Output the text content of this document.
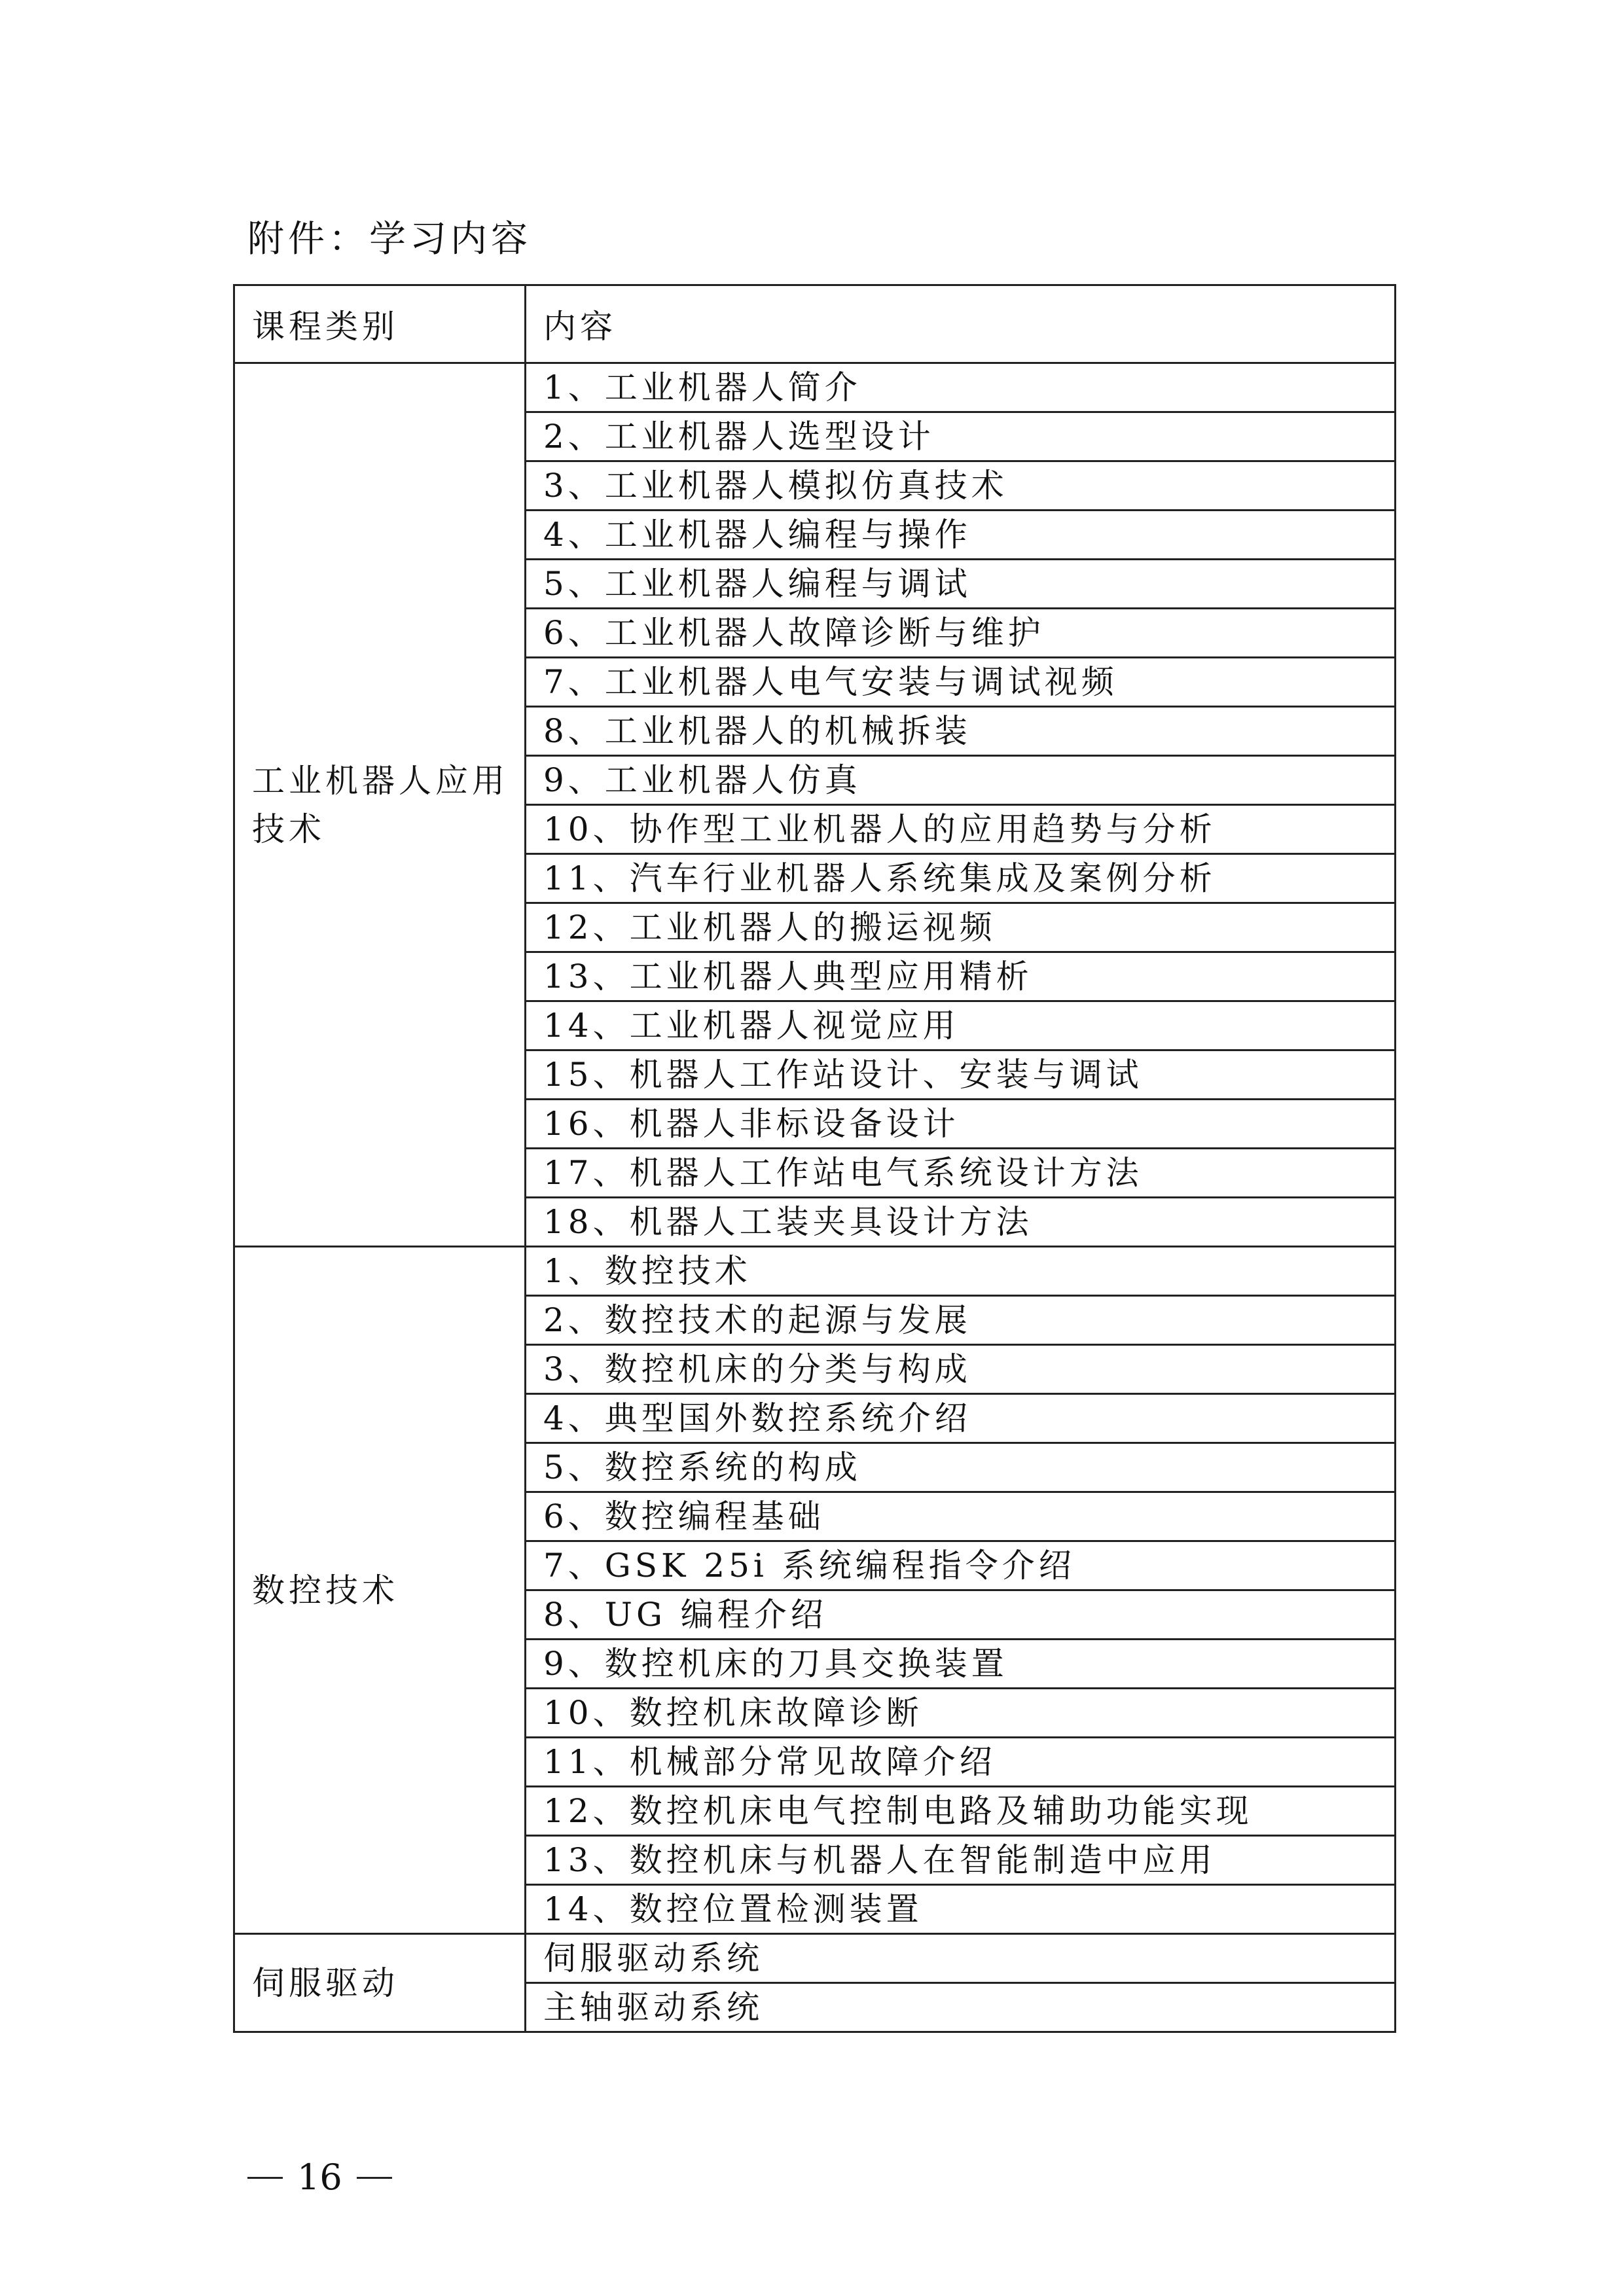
附件：学习内容
课程类别	内容
工业机器人应用技术	1、工业机器人简介
	2、工业机器人选型设计
	3、工业机器人模拟仿真技术
	4、工业机器人编程与操作
	5、工业机器人编程与调试
	6、工业机器人故障诊断与维护
	7、工业机器人电气安装与调试视频
	8、工业机器人的机械拆装
	9、工业机器人仿真
	10、协作型工业机器人的应用趋势与分析
	11、汽车行业机器人系统集成及案例分析
	12、工业机器人的搬运视频
	13、工业机器人典型应用精析
	14、工业机器人视觉应用
	15、机器人工作站设计、安装与调试
	16、机器人非标设备设计
	17、机器人工作站电气系统设计方法
	18、机器人工装夹具设计方法
数控技术	1、数控技术
	2、数控技术的起源与发展
	3、数控机床的分类与构成
	4、典型国外数控系统介绍
	5、数控系统的构成
	6、数控编程基础
	7、GSK 25i 系统编程指令介绍
	8、UG 编程介绍
	9、数控机床的刀具交换装置
	10、数控机床故障诊断
	11、机械部分常见故障介绍
	12、数控机床电气控制电路及辅助功能实现
	13、数控机床与机器人在智能制造中应用
	14、数控位置检测装置
伺服驱动	伺服驱动系统
	主轴驱动系统
16
